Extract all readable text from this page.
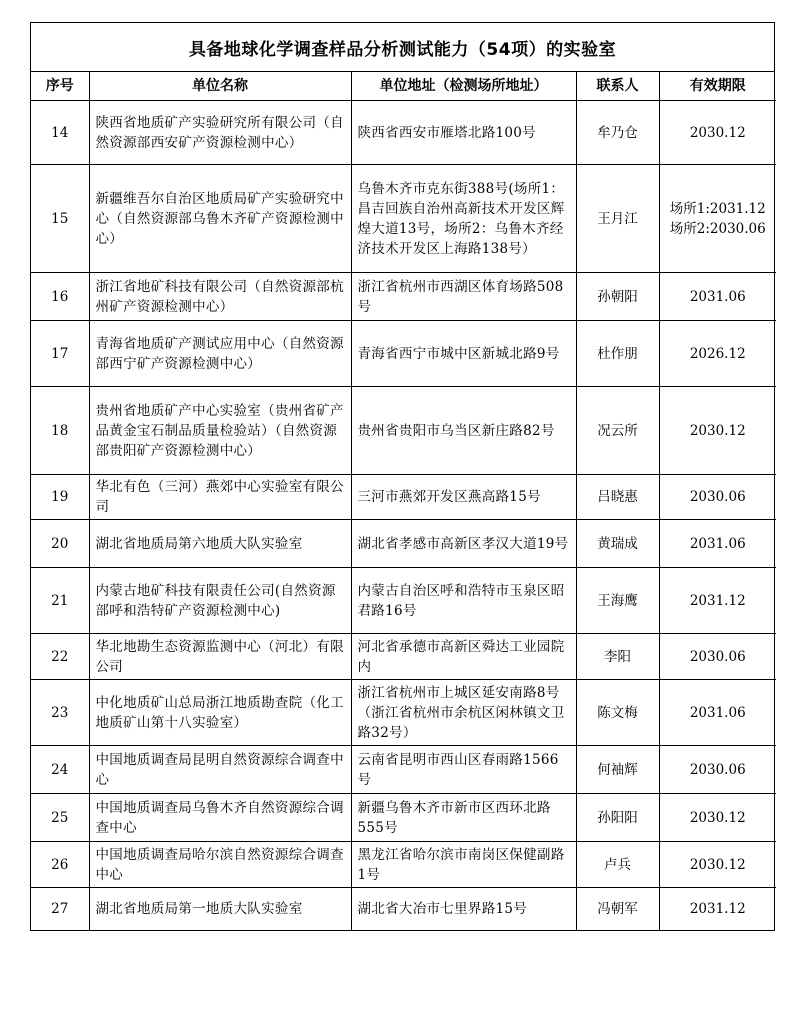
具备地球化学调查样品分析测试能力（54项）的实验室
序号	单位名称	单位地址（检测场所地址）	联系人	有效期限
14	陕西省地质矿产实验研究所有限公司（自然资源部西安矿产资源检测中心）	陕西省西安市雁塔北路100号	牟乃仓	2030.12

15	新疆维吾尔自治区地质局矿产实验研究中心（自然资源部乌鲁木齐矿产资源检测中心）	乌鲁木齐市克东街388号(场所1：昌吉回族自治州高新技术开发区辉煌大道13号，场所2：乌鲁木齐经济技术开发区上海路138号）	王月江	场所1:2031.12
场所2:2030.06

16	浙江省地矿科技有限公司（自然资源部杭州矿产资源检测中心）	浙江省杭州市西湖区体育场路508号	孙朝阳	2031.06

17	青海省地质矿产测试应用中心（自然资源部西宁矿产资源检测中心）	青海省西宁市城中区新城北路9号	杜作朋	2026.12

18	贵州省地质矿产中心实验室（贵州省矿产品黄金宝石制品质量检验站）（自然资源部贵阳矿产资源检测中心）	贵州省贵阳市乌当区新庄路82号	况云所	2030.12

19	华北有色（三河）燕郊中心实验室有限公司	三河市燕郊开发区燕高路15号	吕晓惠	2030.06

20	湖北省地质局第六地质大队实验室	湖北省孝感市高新区孝汉大道19号	黄瑞成	2031.06

21	内蒙古地矿科技有限责任公司(自然资源部呼和浩特矿产资源检测中心)	内蒙古自治区呼和浩特市玉泉区昭君路16号	王海鹰	2031.12

22	华北地勘生态资源监测中心（河北）有限公司	河北省承德市高新区舜达工业园院内	李阳	2030.06

23	中化地质矿山总局浙江地质勘查院（化工地质矿山第十八实验室）	浙江省杭州市上城区延安南路8号（浙江省杭州市余杭区闲林镇文卫路32号）	陈文梅	2031.06

24	中国地质调查局昆明自然资源综合调查中心	云南省昆明市西山区春雨路1566号	何袖辉	2030.06

25	中国地质调查局乌鲁木齐自然资源综合调查中心	新疆乌鲁木齐市新市区西环北路555号	孙阳阳	2030.12

26	中国地质调查局哈尔滨自然资源综合调查中心	黑龙江省哈尔滨市南岗区保健副路1号	卢兵	2030.12

27	湖北省地质局第一地质大队实验室	湖北省大冶市七里界路15号	冯朝军	2031.12
